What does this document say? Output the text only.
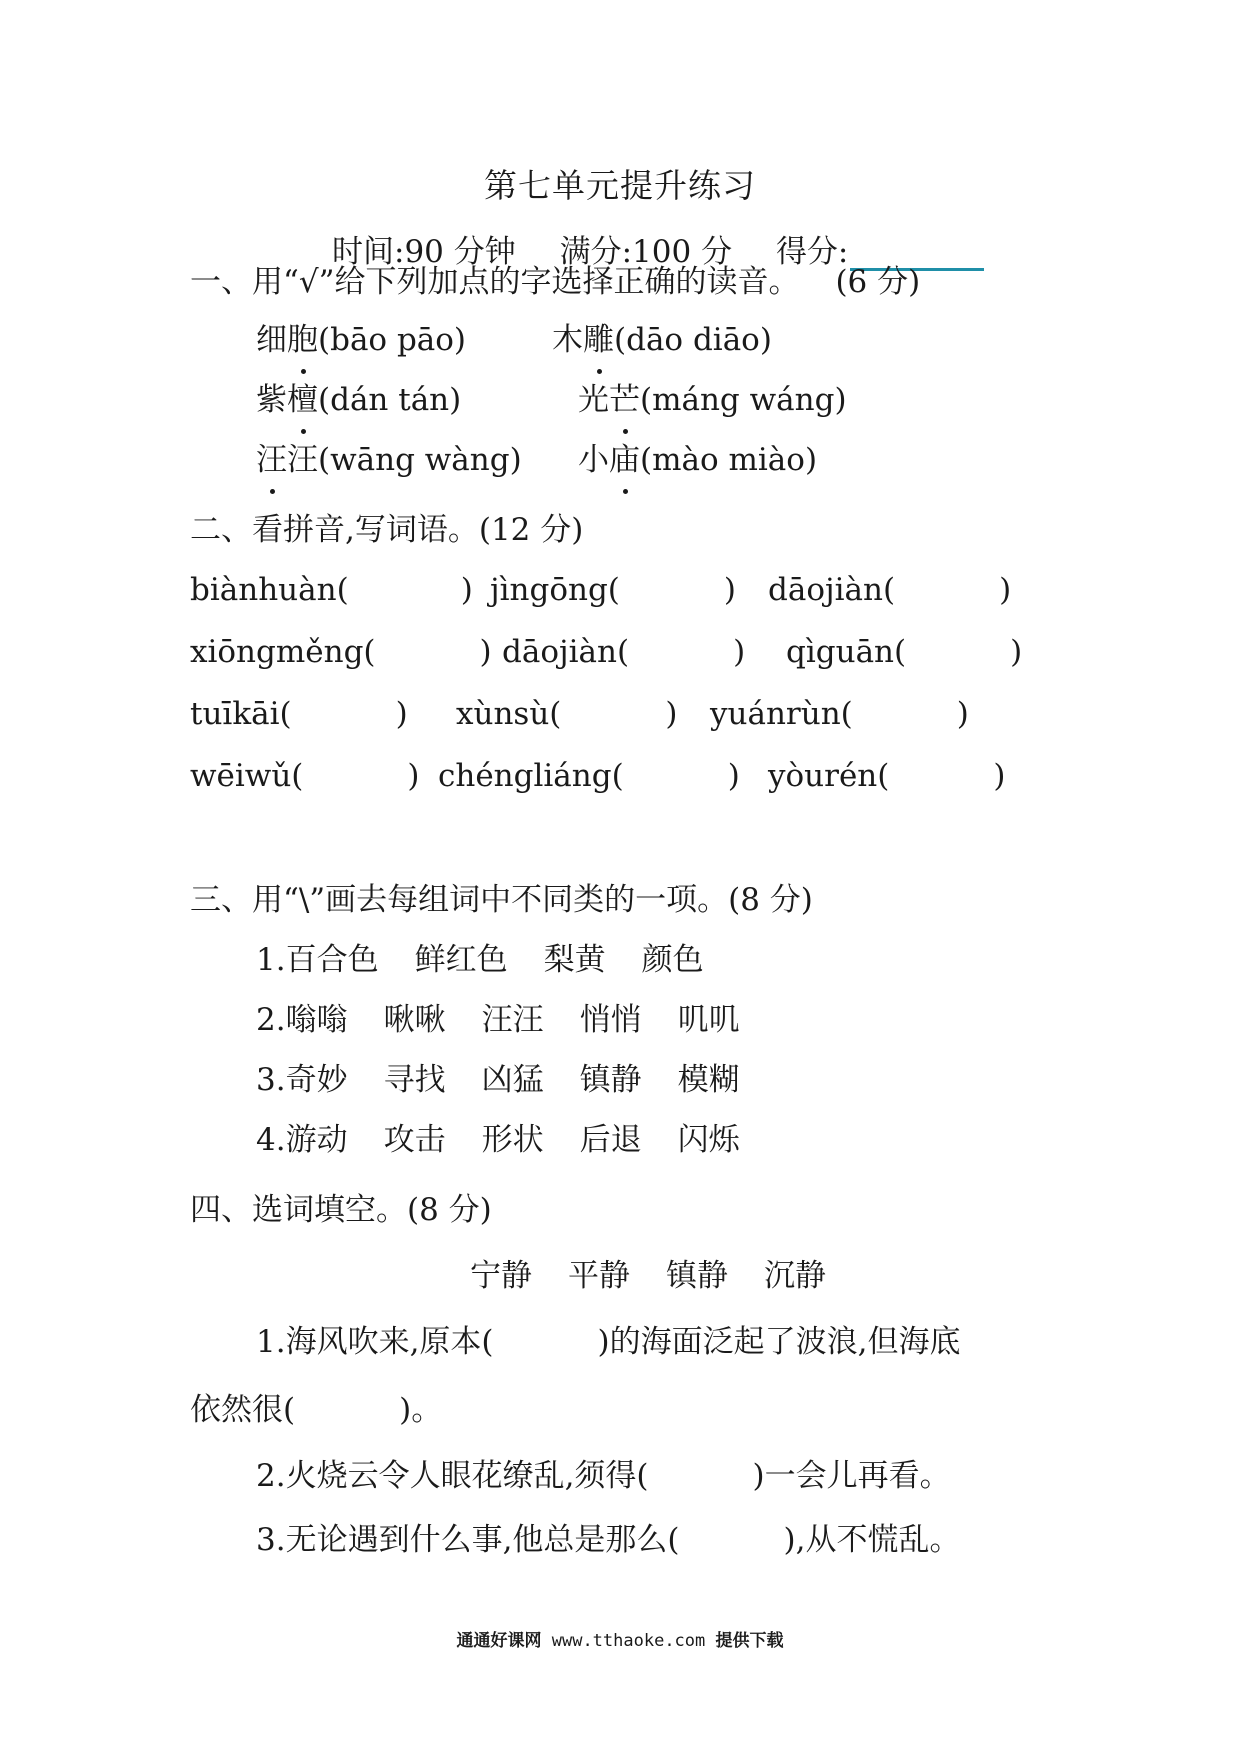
第七单元提升练习
时间:90 分钟 满分:100 分 得分:
一、用“√”给下列加点的字选择正确的读音。 (6 分)
细胞(bāo pāo)	木雕(dāo diāo)
紫檀(dán tán)	光芒(máng wáng)
汪汪(wāng wàng) 小庙(mào miào)
二、看拼音,写词语。(12 分)
biànhuàn(	) jìngōng(	) dāojiàn(	)
xiōngměng(	) dāojiàn(	) qìguān(	)
tuīkāi(	) xùnsù(	) yuánrùn(	)
wēiwǔ(	) chéngliáng(	) yòurén(	)
三、用“\”画去每组词中不同类的一项。(8 分)
1.百合色 鲜红色 梨黄 颜色
2.嗡嗡 啾啾 汪汪 悄悄 叽叽
3.奇妙 寻找 凶猛 镇静 模糊
4.游动 攻击 形状 后退 闪烁
四、选词填空。(8 分)
宁静 平静 镇静 沉静
1.海风吹来,原本(	)的海面泛起了波浪,但海底
依然很(	)。
2.火烧云令人眼花缭乱,须得(	)一会儿再看。
3.无论遇到什么事,他总是那么(	),从不慌乱。
通通好课网 www.tthaoke.com 提供下载
